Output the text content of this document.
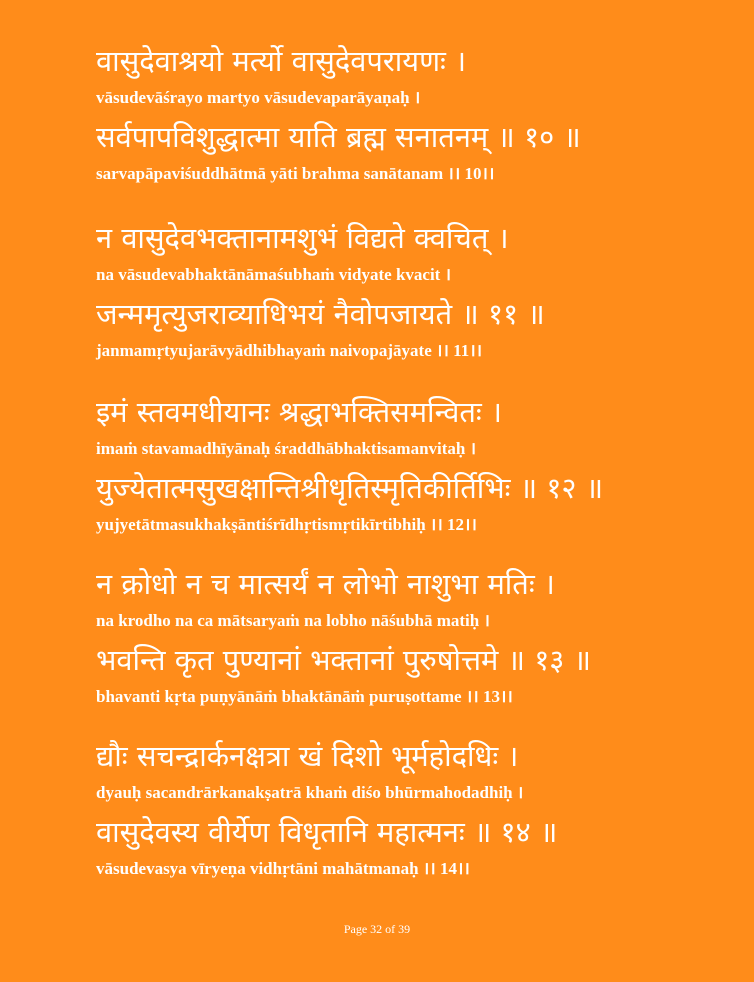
वासुदेवाश्रयो मर्त्यो वासुदेवपरायणः ।
vāsudevāśrayo martyo vāsudevaparāyaṇaḥ ।
सर्वपापविशुद्धात्मा याति ब्रह्म सनातनम् ॥ १० ॥
sarvapāpaviśuddhātmā yāti brahma sanātanam ।। 10।।
न वासुदेवभक्तानामशुभं विद्यते क्वचित् ।
na vāsudevabhaktānāmaśubhaṁ vidyate kvacit ।
जन्ममृत्युजराव्याधिभयं नैवोपजायते ॥ ११ ॥
janmamṛtyujarāvyādhibhayaṁ naivopajāyate ।। 11।।
इमं स्तवमधीयानः श्रद्धाभक्तिसमन्वितः ।
imaṁ stavamadhīyānaḥ śraddhābhaktisamanvitaḥ ।
युज्येतात्मसुखक्षान्तिश्रीधृतिस्मृतिकीर्तिभिः ॥ १२ ॥
yujyetātmasukhakṣāntiśrīdhṛtismṛtikīrtibhiḥ ।। 12।।
न क्रोधो न च मात्सर्यं न लोभो नाशुभा मतिः ।
na krodho na ca mātsaryaṁ na lobho nāśubhā matiḥ ।
भवन्ति कृत पुण्यानां भक्तानां पुरुषोत्तमे ॥ १३ ॥
bhavanti kṛta puṇyānāṁ bhaktānāṁ puruṣottame ।। 13।।
द्यौः सचन्द्रार्कनक्षत्रा खं दिशो भूर्महोदधिः ।
dyauḥ sacandrārkanakṣatrā khaṁ diśo bhūrmahodadhiḥ ।
वासुदेवस्य वीर्येण विधृतानि महात्मनः ॥ १४ ॥
vāsudevasya vīryeṇa vidhṛtāni mahātmanaḥ ।। 14।।
Page 32 of 39
